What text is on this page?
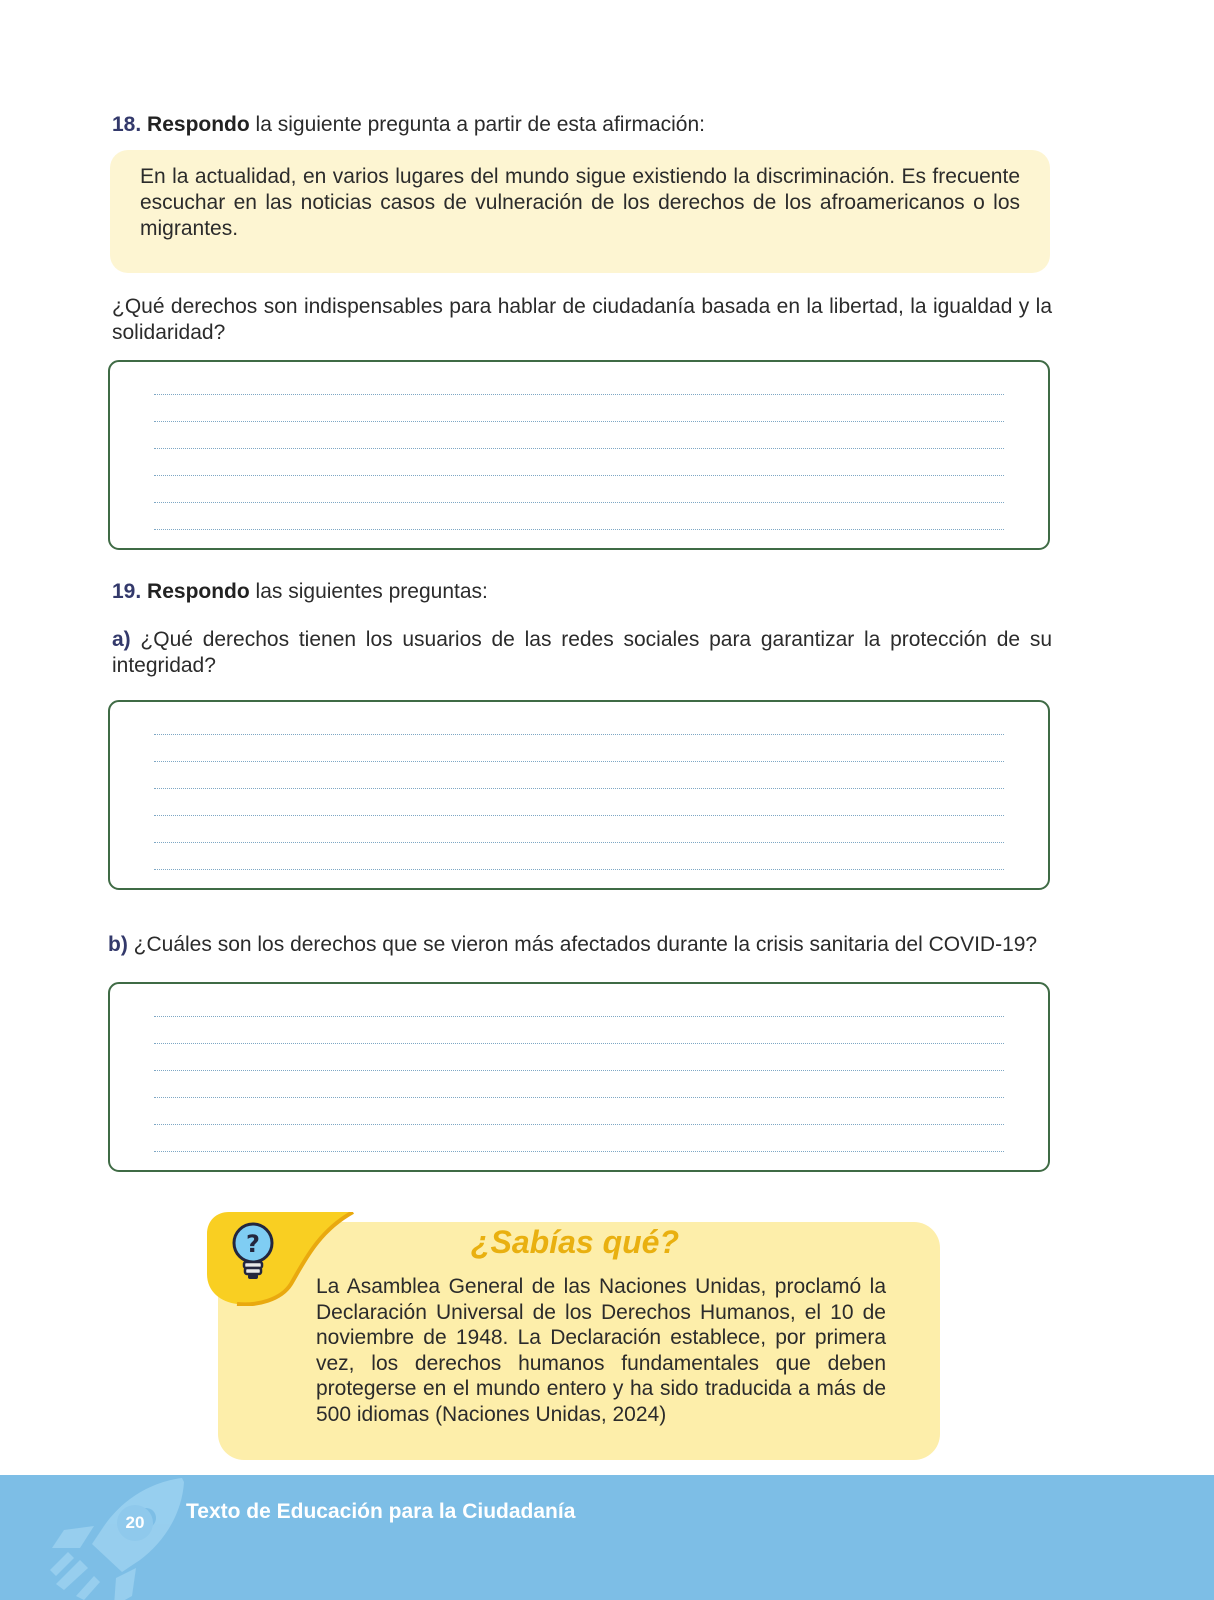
18. Respondo la siguiente pregunta a partir de esta afirmación:

En la actualidad, en varios lugares del mundo sigue existiendo la discriminación. Es frecuente escuchar en las noticias casos de vulneración de los derechos de los afroamericanos o los migrantes.

¿Qué derechos son indispensables para hablar de ciudadanía basada en la libertad, la igualdad y la solidaridad?

19. Respondo las siguientes preguntas:

a) ¿Qué derechos tienen los usuarios de las redes sociales para garantizar la protección de su integridad?

b) ¿Cuáles son los derechos que se vieron más afectados durante la crisis sanitaria del COVID-19?

?	¿Sabías qué?

La Asamblea General de las Naciones Unidas, proclamó la Declaración Universal de los Derechos Humanos, el 10 de noviembre de 1948. La Declaración establece, por primera vez, los derechos humanos fundamentales que deben protegerse en el mundo entero y ha sido traducida a más de 500 idiomas (Naciones Unidas, 2024)

20	Texto de Educación para la Ciudadanía
